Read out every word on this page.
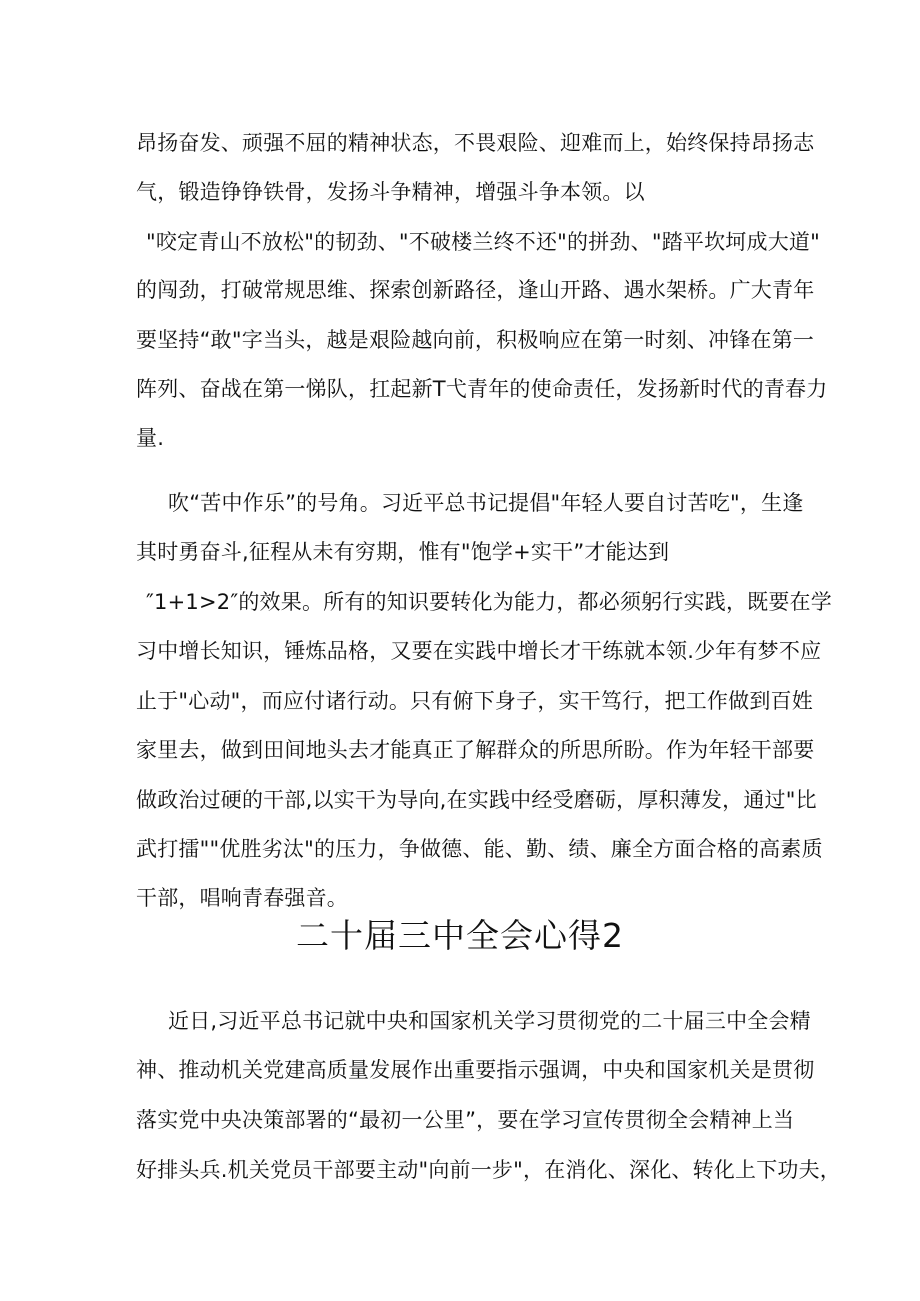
昂扬奋发、顽强不屈的精神状态，不畏艰险、迎难而上，始终保持昂扬志
气，锻造铮铮铁骨，发扬斗争精神，增强斗争本领。以
"咬定青山不放松"的韧劲、"不破楼兰终不还"的拼劲、"踏平坎坷成大道"
的闯劲，打破常规思维、探索创新路径，逢山开路、遇水架桥。广大青年
要坚持“敢"字当头，越是艰险越向前，积极响应在第一时刻、冲锋在第一
阵列、奋战在第一悌队，扛起新T弋青年的使命责任，发扬新时代的青春力
量.
吹“苦中作乐”的号角。习近平总书记提倡"年轻人要自讨苦吃"，生逢
其时勇奋斗,征程从未有穷期，惟有"饱学+实干”才能达到
″1+1>2″的效果。所有的知识要转化为能力，都必须躬行实践，既要在学
习中增长知识，锤炼品格，又要在实践中增长才干练就本领.少年有梦不应
止于"心动"，而应付诸行动。只有俯下身子，实干笃行，把工作做到百姓
家里去，做到田间地头去才能真正了解群众的所思所盼。作为年轻干部要
做政治过硬的干部,以实干为导向,在实践中经受磨砺，厚积薄发，通过"比
武打擂""优胜劣汰"的压力，争做德、能、勤、绩、廉全方面合格的高素质
干部，唱响青春强音。
二十届三中全会心得2
近日,习近平总书记就中央和国家机关学习贯彻党的二十届三中全会精
神、推动机关党建高质量发展作出重要指示强调，中央和国家机关是贯彻
落实党中央决策部署的“最初一公里”，要在学习宣传贯彻全会精神上当
好排头兵.机关党员干部要主动"向前一步"，在消化、深化、转化上下功夫，
